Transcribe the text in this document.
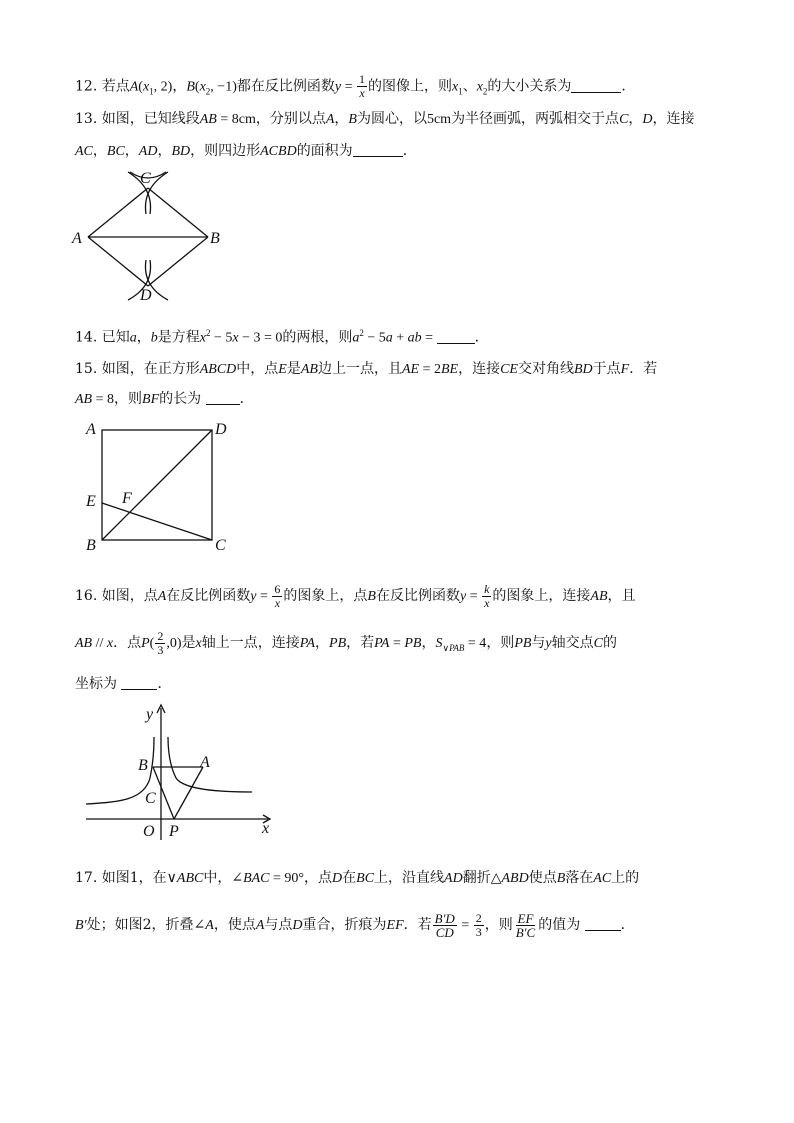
12. 若点$A(x_1$, 2)，$B(x_2$, −1)都在反比例函数$y = \frac{1}{x}$ 的图像上，则$x_1$、$x_2$的大小关系为	．
13. 如图，已知线段AB = 8cm，分别以点A，B为圆心，以5cm为半径画弧，两弧相交于点C，D，连接
AC，BC，AD，BD，则四边形ACBD的面积为	．
C
A	B
D
14. 已知a，b是方程$x^2 - 5x - 3 = 0$的两根，则$a^2 - 5a$ + ab =	．
15. 如图，在正方形ABCD中，点E是AB边上一点，且AE = 2BE，连接CE交对角线BD于点F．若
AB = 8，则BF的长为	．
A	D
E F
B	C
16. 如图，点A在反比例函数$y = \frac{6}{x}$ 的图象上，点B在反比例函数$y = \frac{k}{x}$ 的图象上，连接AB，且
AB // x．点$P( \frac{2}{3} ,0)$是x轴上一点，连接PA，PB，若PA = PB，$S_{\vee PAB} = 4$，则PB与y轴交点C的
坐标为	．
y
B	A
C
O P	x
17. 如图1，在∨ABC中，∠BAC = 90°，点D在BC上，沿直线AD翻折△ABD使点B落在AC上的
B′处；如图2，折叠∠A，使点A与点D重合，折痕为EF．若 $\frac{B'D}{CD} = \frac{2}{3}$ ，则 $\frac{EF}{B'C}$ 的值为	．
